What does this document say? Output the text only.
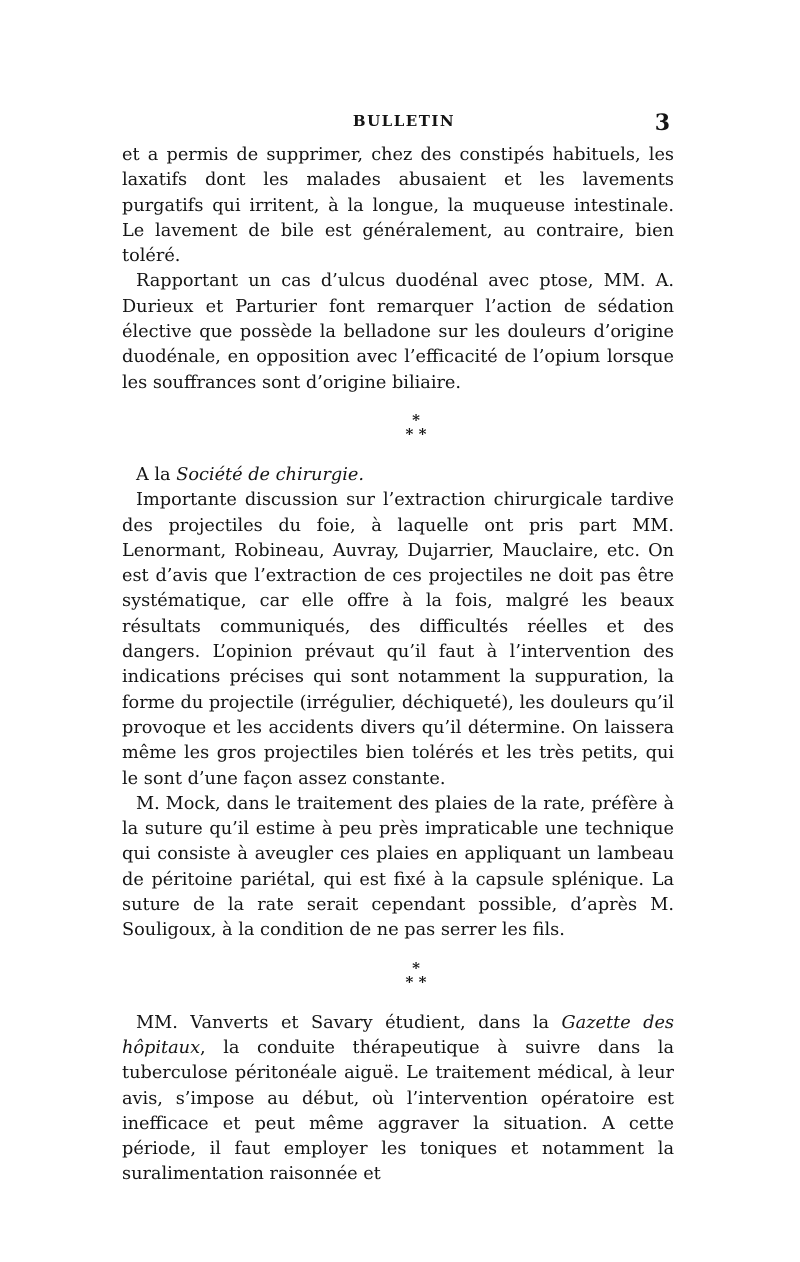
BULLETIN	3

et a permis de supprimer, chez des constipés habituels, les laxatifs dont les malades abusaient et les lavements purgatifs qui irritent, à la longue, la muqueuse intestinale. Le lavement de bile est généralement, au contraire, bien toléré.

Rapportant un cas d’ulcus duodénal avec ptose, MM. A. Durieux et Parturier font remarquer l’action de sédation élective que possède la belladone sur les douleurs d’origine duodénale, en opposition avec l’efficacité de l’opium lorsque les souffrances sont d’origine biliaire.

*
* *

A la Société de chirurgie.

Importante discussion sur l’extraction chirurgicale tardive des projectiles du foie, à laquelle ont pris part MM. Lenormant, Robineau, Auvray, Dujarrier, Mauclaire, etc. On est d’avis que l’extraction de ces projectiles ne doit pas être systématique, car elle offre à la fois, malgré les beaux résultats communiqués, des difficultés réelles et des dangers. L’opinion prévaut qu’il faut à l’intervention des indications précises qui sont notamment la suppuration, la forme du projectile (irrégulier, déchiqueté), les douleurs qu’il provoque et les accidents divers qu’il détermine. On laissera même les gros projectiles bien tolérés et les très petits, qui le sont d’une façon assez constante.

M. Mock, dans le traitement des plaies de la rate, préfère à la suture qu’il estime à peu près impraticable une technique qui consiste à aveugler ces plaies en appliquant un lambeau de péritoine pariétal, qui est fixé à la capsule splénique. La suture de la rate serait cependant possible, d’après M. Souligoux, à la condition de ne pas serrer les fils.

*
* *

MM. Vanverts et Savary étudient, dans la Gazette des hôpitaux, la conduite thérapeutique à suivre dans la tuberculose péritonéale aiguë. Le traitement médical, à leur avis, s’impose au début, où l’intervention opératoire est inefficace et peut même aggraver la situation. A cette période, il faut employer les toniques et notamment la suralimentation raisonnée et
